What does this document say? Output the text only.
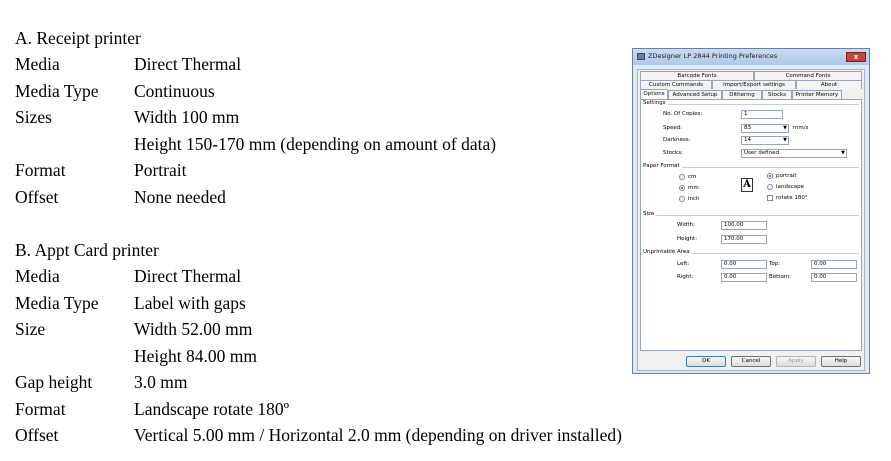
A. Receipt printer
Media	Direct Thermal
Media Type Continuous
Sizes	Width 100 mm
Height 150-170 mm (depending on amount of data)
Format	Portrait
Offset	None needed
B. Appt Card printer
Media	Direct Thermal
Media Type Label with gaps
Size	Width 52.00 mm
Height 84.00 mm
Gap height 3.0 mm
Format	Landscape rotate 180º
Offset	Vertical 5.00 mm / Horizontal 2.0 mm (depending on driver installed)
ZDesigner LP 2844 Printing Preferences	x
Barcode Fonts	Command Fonts
Custom Commands	Import/Export settings	About
Options	Advanced Setup	Dithering	Stocks	Printer Memory
Settings
No. Of Copies:	1
Speed:	83	▼ mm/s
Darkness:	14	▼
Stocks:	User defined	▼
Paper Format
cm
mm
inch
A
portrait
landscape
rotate 180°
Size
Width:	100.00
Height:	170.00
Unprintable Area
Left:	0.00	Top:	0.00
Right:	0.00	Bottom:	0.00
OK	Cancel	Apply	Help
